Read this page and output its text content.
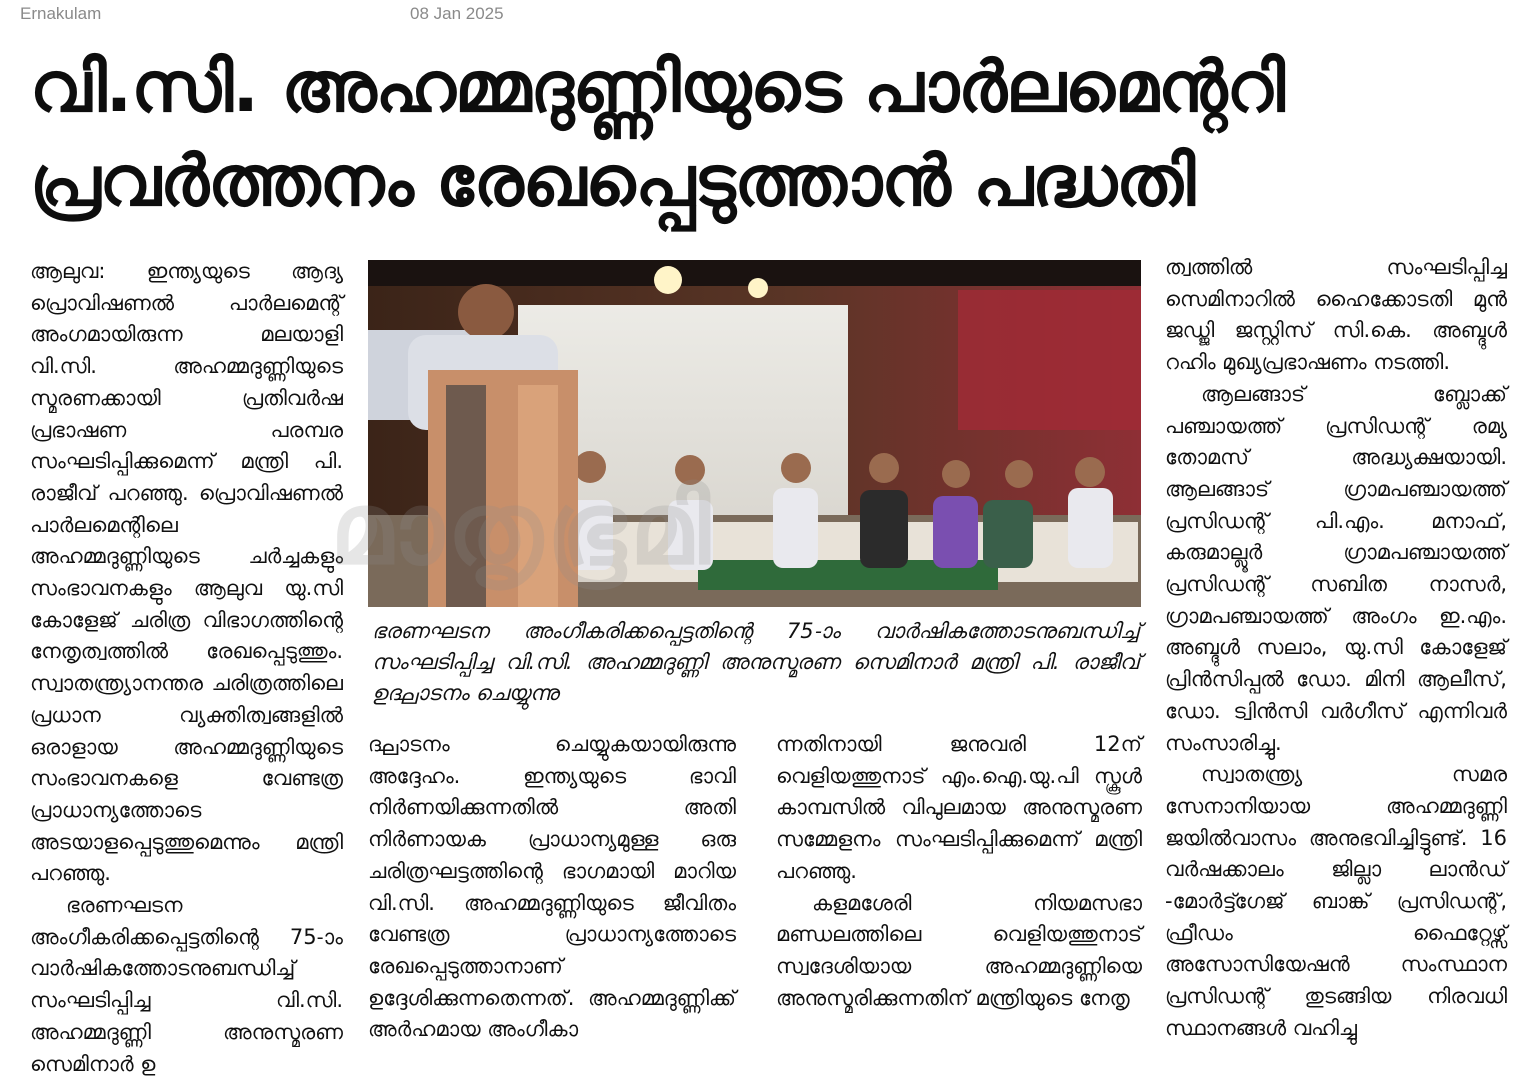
Ernakulam	08 Jan 2025
വി.സി. അഹമ്മദുണ്ണിയുടെ പാർലമെന്ററി
പ്രവർത്തനം രേഖപ്പെടുത്താൻ പദ്ധതി

ആലുവ: ഇന്ത്യയുടെ ആദ്യ പ്രൊവിഷണൽ പാർലമെന്റ് അംഗമായിരുന്ന മലയാളി വി.സി. അഹമ്മദുണ്ണിയുടെ സ്മരണക്കായി പ്രതിവർഷ പ്രഭാഷണ പരമ്പര സംഘടിപ്പിക്കുമെന്ന് മന്ത്രി പി. രാജീവ് പറഞ്ഞു. പ്രൊവിഷണൽ പാർലമെന്റിലെ അഹമ്മദുണ്ണിയുടെ ചർച്ചകളും സംഭാവനകളും ആലുവ യു.സി കോളേജ് ചരിത്ര വിഭാഗത്തിന്റെ നേതൃത്വത്തിൽ രേഖപ്പെടുത്തും. സ്വാതന്ത്ര്യാനന്തര ചരിത്രത്തിലെ പ്രധാന വ്യക്തിത്വങ്ങളിൽ ഒരാളായ അഹമ്മദുണ്ണിയുടെ സംഭാവനകളെ വേണ്ടത്ര പ്രാധാന്യത്തോടെ അടയാളപ്പെടുത്തുമെന്നും മന്ത്രി പറഞ്ഞു.

ഭരണഘടന അംഗീകരിക്കപ്പെട്ടതിന്റെ 75-ാം വാർഷികത്തോടനുബന്ധിച്ച് സംഘടിപ്പിച്ച വി.സി. അഹമ്മദുണ്ണി അനുസ്മരണ സെമിനാർ ഉ

ഭരണഘടന അംഗീകരിക്കപ്പെട്ടതിന്റെ 75-ാം വാർഷികത്തോടനുബന്ധിച്ച് സംഘടിപ്പിച്ച വി.സി. അഹമ്മദുണ്ണി അനുസ്മരണ സെമിനാർ മന്ത്രി പി. രാജീവ് ഉദ്ഘാടനം ചെയ്യുന്നു

ദ്ഘാടനം ചെയ്യുകയായിരുന്നു അദ്ദേഹം. ഇന്ത്യയുടെ ഭാവി നിർണയിക്കുന്നതിൽ അതി നിർണായക പ്രാധാന്യമുള്ള ഒരു ചരിത്രഘട്ടത്തിന്റെ ഭാഗമായി മാറിയ വി.സി. അഹമ്മദുണ്ണിയുടെ ജീവിതം വേണ്ടത്ര പ്രാധാന്യത്തോടെ രേഖപ്പെടുത്താനാണ് ഉദ്ദേശിക്കുന്നതെന്നത്. അഹമ്മദുണ്ണിക്ക് അർഹമായ അംഗീകാ

ന്നതിനായി ജനുവരി 12ന് വെളിയത്തുനാട് എം.ഐ.യു.പി സ്കൂൾ കാമ്പസിൽ വിപുലമായ അനുസ്മരണ സമ്മേളനം സംഘടിപ്പിക്കുമെന്ന് മന്ത്രി പറഞ്ഞു.

കളമശേരി നിയമസഭാ മണ്ഡലത്തിലെ വെളിയത്തുനാട് സ്വദേശിയായ അഹമ്മദുണ്ണിയെ അനുസ്മരിക്കുന്നതിന് മന്ത്രിയുടെ നേതൃ

ത്വത്തിൽ സംഘടിപ്പിച്ച സെമിനാറിൽ ഹൈക്കോടതി മുൻ ജഡ്ജി ജസ്റ്റിസ് സി.കെ. അബ്ദുൾ റഹിം മുഖ്യപ്രഭാഷണം നടത്തി.

ആലങ്ങാട് ബ്ലോക്ക് പഞ്ചായത്ത് പ്രസിഡന്റ് രമ്യ തോമസ് അദ്ധ്യക്ഷയായി. ആലങ്ങാട് ഗ്രാമപഞ്ചായത്ത് പ്രസിഡന്റ് പി.എം. മനാഫ്, കരുമാല്ലൂർ ഗ്രാമപഞ്ചായത്ത് പ്രസിഡന്റ് സബിത നാസർ, ഗ്രാമപഞ്ചായത്ത് അംഗം ഇ.എം. അബ്ദുൾ സലാം, യു.സി കോളേജ് പ്രിൻസിപ്പൽ ഡോ. മിനി ആലീസ്, ഡോ. ട്വിൻസി വർഗീസ് എന്നിവർ സംസാരിച്ചു.

സ്വാതന്ത്ര്യ സമര സേനാനിയായ അഹമ്മദുണ്ണി ജയിൽവാസം അനുഭവിച്ചിട്ടുണ്ട്. 16 വർഷക്കാലം ജില്ലാ ലാൻഡ് -മോർട്ട്ഗേജ് ബാങ്ക് പ്രസിഡന്റ്, ഫ്രീഡം ഫൈറ്റേഴ്സ് അസോസിയേഷൻ സംസ്ഥാന പ്രസിഡന്റ് തുടങ്ങിയ നിരവധി സ്ഥാനങ്ങൾ വഹിച്ചു

മാതൃഭൂമി
